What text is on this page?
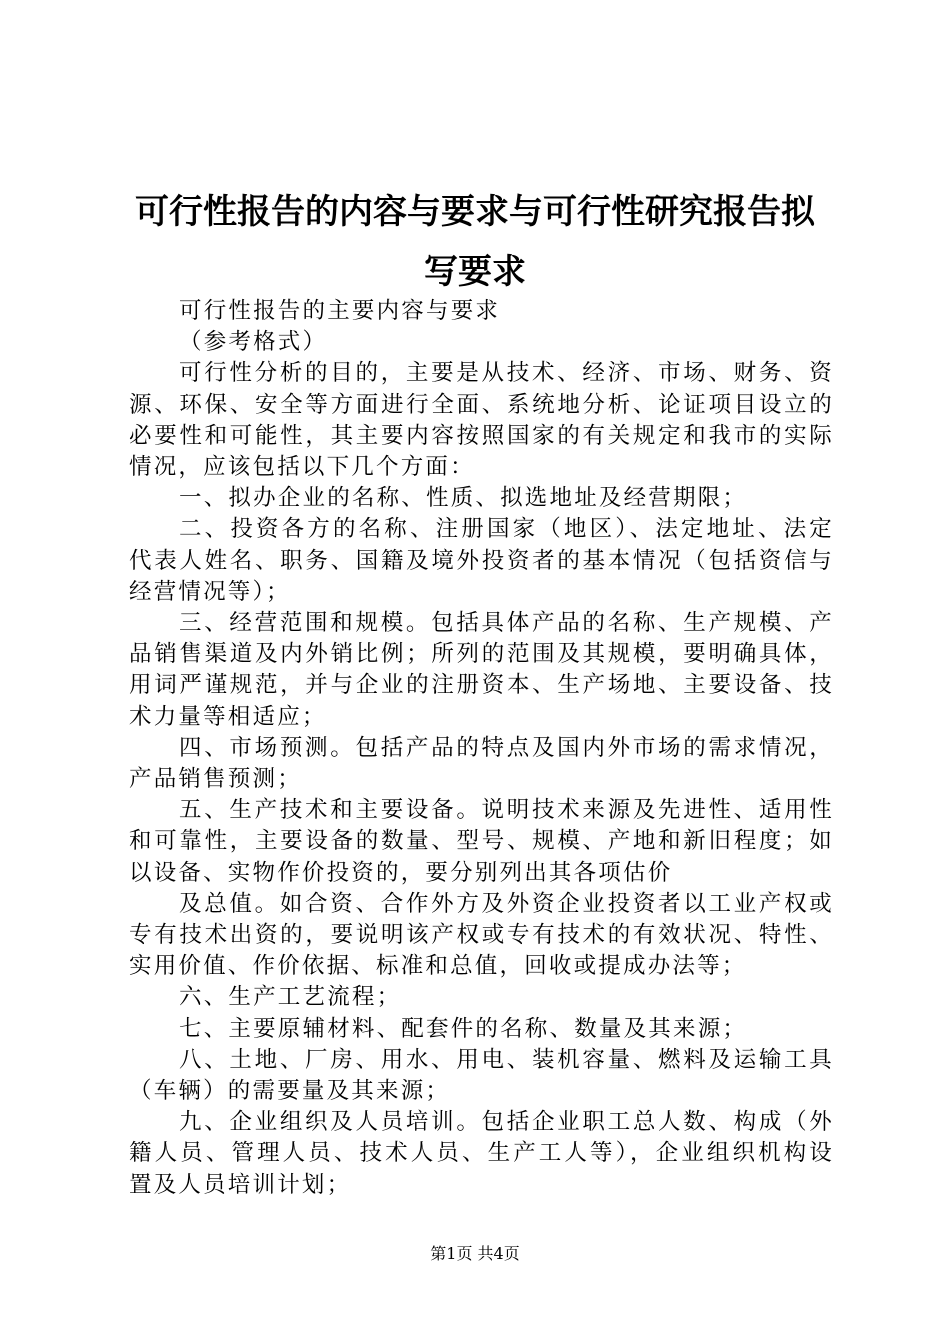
可行性报告的内容与要求与可行性研究报告拟写要求

可行性报告的主要内容与要求

（参考格式）

可行性分析的目的，主要是从技术、经济、市场、财务、资源、环保、安全等方面进行全面、系统地分析、论证项目设立的必要性和可能性，其主要内容按照国家的有关规定和我市的实际情况，应该包括以下几个方面：

一、拟办企业的名称、性质、拟选地址及经营期限；

二、投资各方的名称、注册国家（地区）、法定地址、法定代表人姓名、职务、国籍及境外投资者的基本情况（包括资信与经营情况等）；

三、经营范围和规模。包括具体产品的名称、生产规模、产品销售渠道及内外销比例；所列的范围及其规模，要明确具体，用词严谨规范，并与企业的注册资本、生产场地、主要设备、技术力量等相适应；

四、市场预测。包括产品的特点及国内外市场的需求情况，产品销售预测；

五、生产技术和主要设备。说明技术来源及先进性、适用性和可靠性，主要设备的数量、型号、规模、产地和新旧程度；如以设备、实物作价投资的，要分别列出其各项估价

及总值。如合资、合作外方及外资企业投资者以工业产权或专有技术出资的，要说明该产权或专有技术的有效状况、特性、实用价值、作价依据、标准和总值，回收或提成办法等；

六、生产工艺流程；

七、主要原辅材料、配套件的名称、数量及其来源；

八、土地、厂房、用水、用电、装机容量、燃料及运输工具（车辆）的需要量及其来源；

九、企业组织及人员培训。包括企业职工总人数、构成（外籍人员、管理人员、技术人员、生产工人等），企业组织机构设置及人员培训计划；

第1页 共4页
